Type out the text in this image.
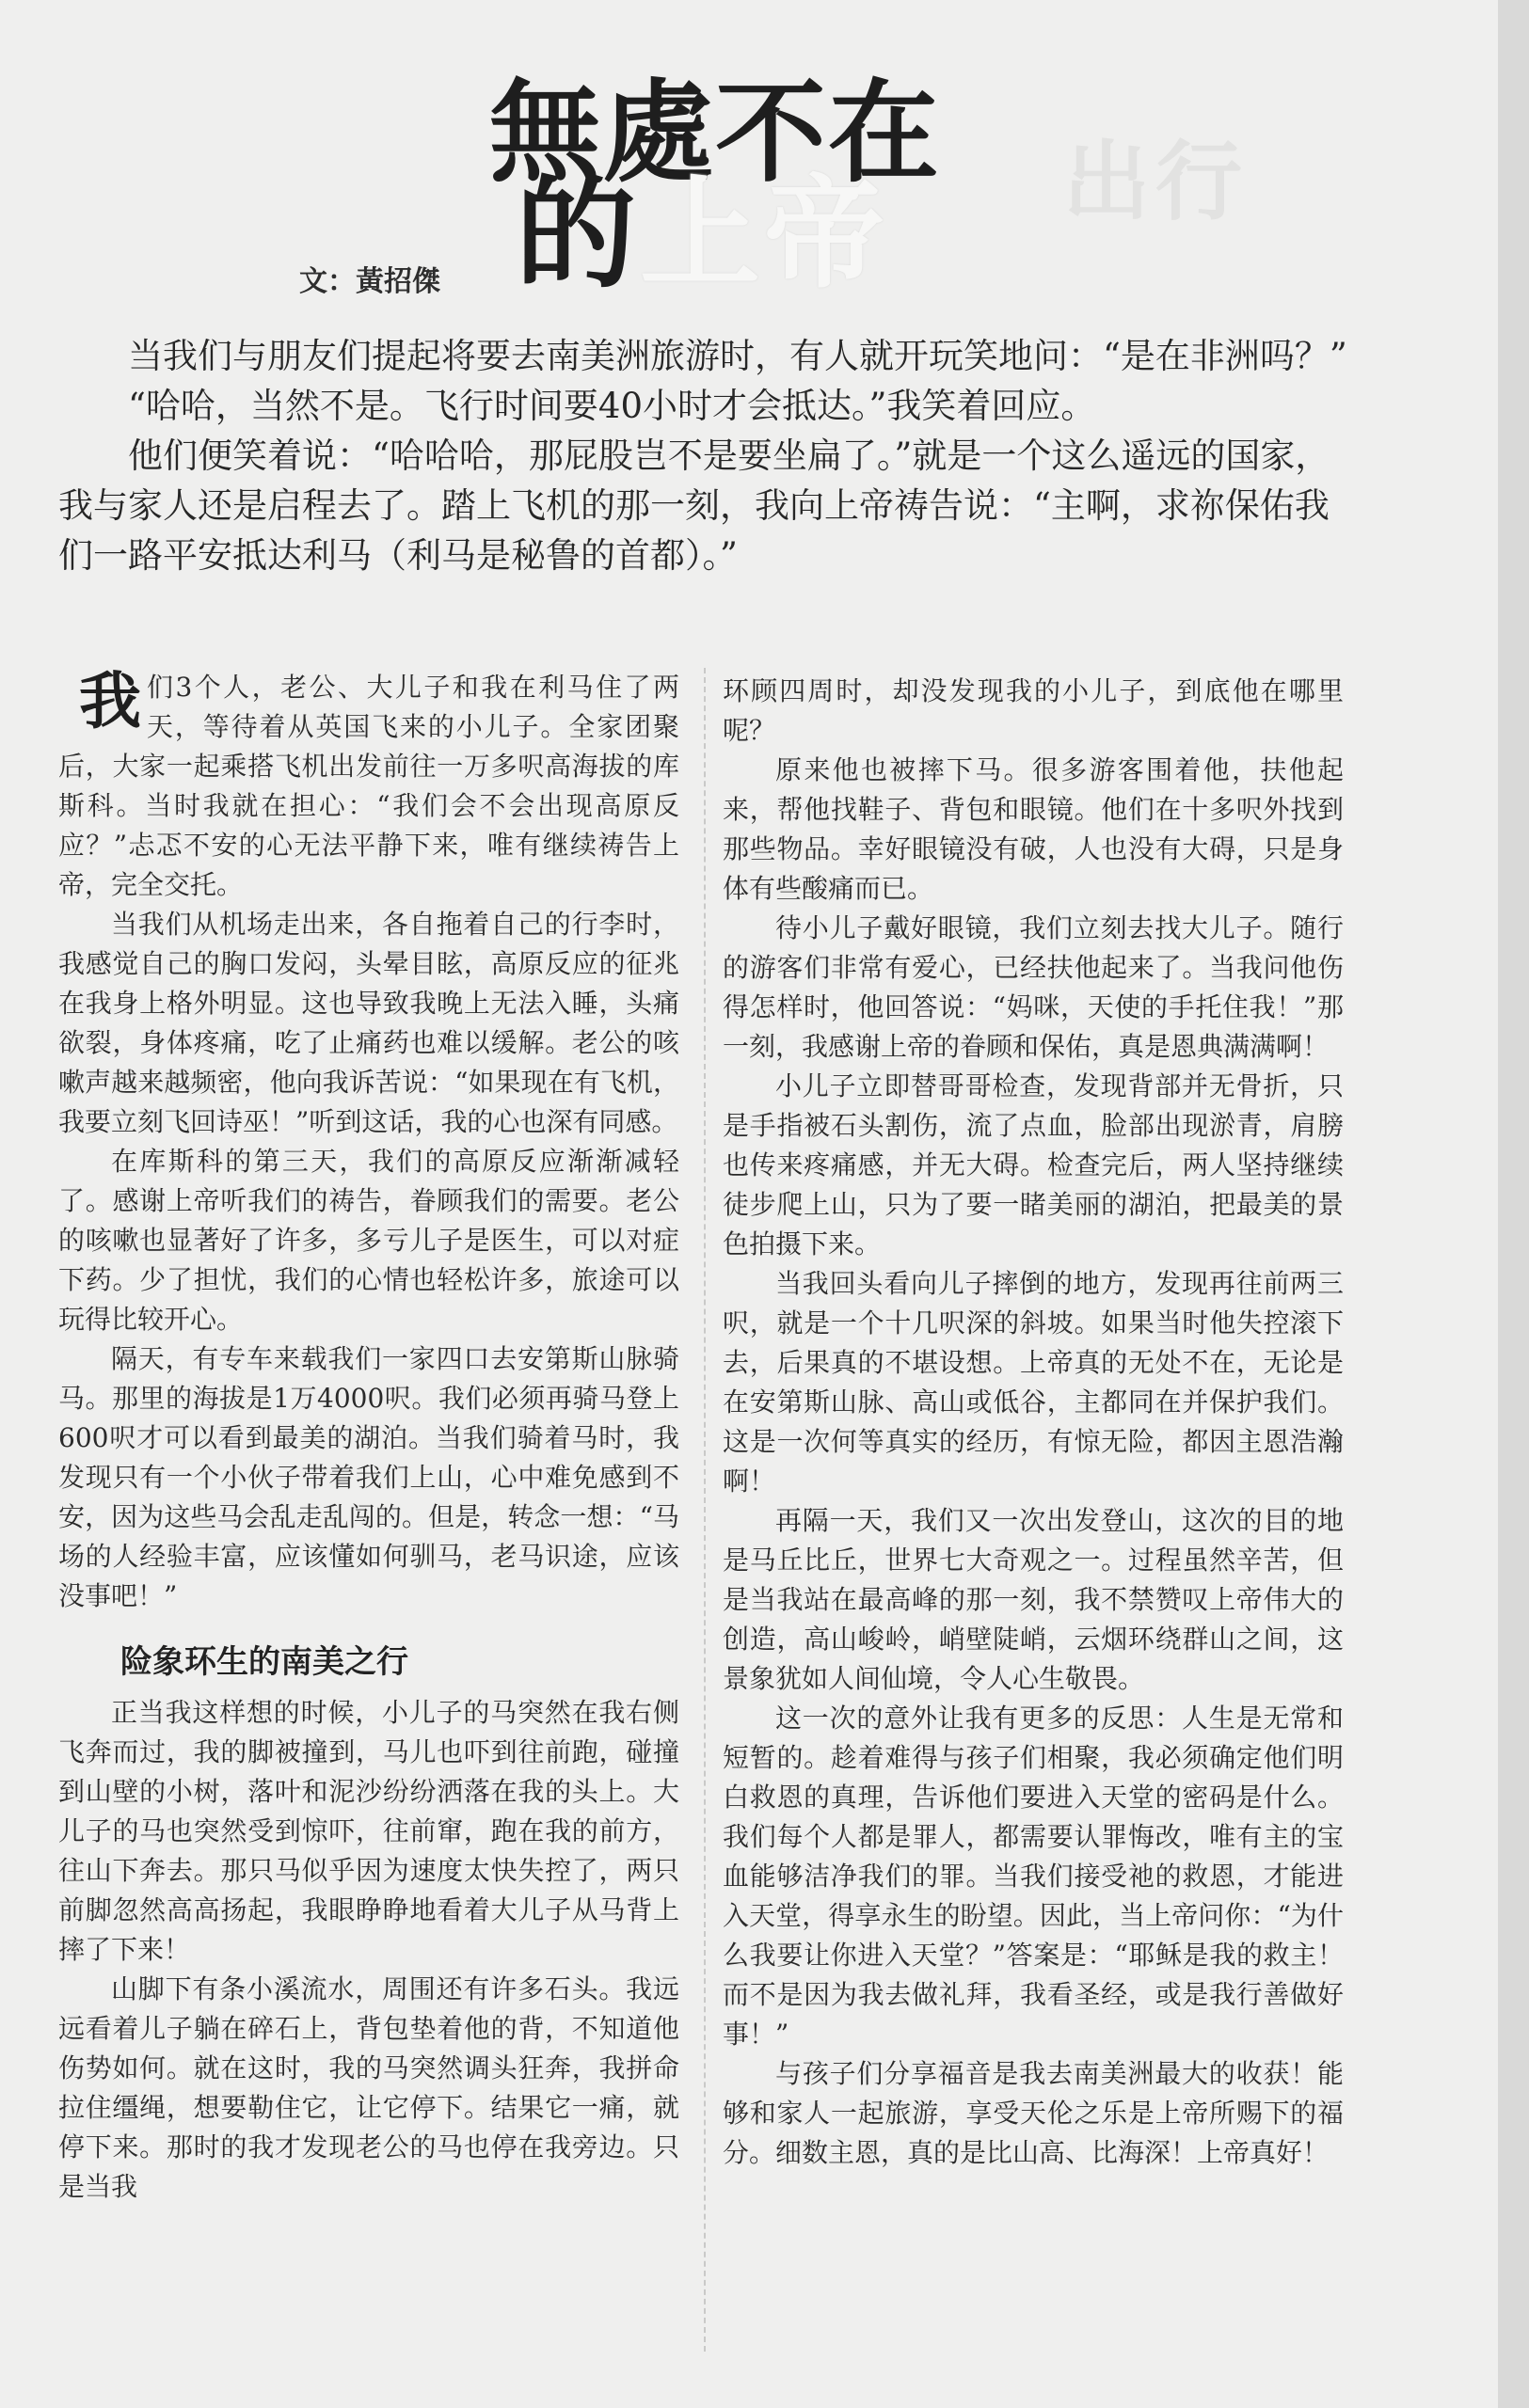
出行
無處不在
的上帝
文：黃招傑

当我们与朋友们提起将要去南美洲旅游时，有人就开玩笑地问：“是在非洲吗？”

“哈哈，当然不是。飞行时间要40小时才会抵达。”我笑着回应。

他们便笑着说：“哈哈哈，那屁股岂不是要坐扁了。”就是一个这么遥远的国家，我与家人还是启程去了。踏上飞机的那一刻，我向上帝祷告说：“主啊，求祢保佑我们一路平安抵达利马（利马是秘鲁的首都）。”

我们3个人，老公、大儿子和我在利马住了两天，等待着从英国飞来的小儿子。全家团聚后，大家一起乘搭飞机出发前往一万多呎高海拔的库斯科。当时我就在担心：“我们会不会出现高原反应？”忐忑不安的心无法平静下来，唯有继续祷告上帝，完全交托。

当我们从机场走出来，各自拖着自己的行李时，我感觉自己的胸口发闷，头晕目眩，高原反应的征兆在我身上格外明显。这也导致我晚上无法入睡，头痛欲裂，身体疼痛，吃了止痛药也难以缓解。老公的咳嗽声越来越频密，他向我诉苦说：“如果现在有飞机，我要立刻飞回诗巫！”听到这话，我的心也深有同感。

在库斯科的第三天，我们的高原反应渐渐减轻了。感谢上帝听我们的祷告，眷顾我们的需要。老公的咳嗽也显著好了许多，多亏儿子是医生，可以对症下药。少了担忧，我们的心情也轻松许多，旅途可以玩得比较开心。

隔天，有专车来载我们一家四口去安第斯山脉骑马。那里的海拔是1万4000呎。我们必须再骑马登上600呎才可以看到最美的湖泊。当我们骑着马时，我发现只有一个小伙子带着我们上山，心中难免感到不安，因为这些马会乱走乱闯的。但是，转念一想：“马场的人经验丰富，应该懂如何驯马，老马识途，应该没事吧！”

险象环生的南美之行

正当我这样想的时候，小儿子的马突然在我右侧飞奔而过，我的脚被撞到，马儿也吓到往前跑，碰撞到山壁的小树，落叶和泥沙纷纷洒落在我的头上。大儿子的马也突然受到惊吓，往前窜，跑在我的前方，往山下奔去。那只马似乎因为速度太快失控了，两只前脚忽然高高扬起，我眼睁睁地看着大儿子从马背上摔了下来！

山脚下有条小溪流水，周围还有许多石头。我远远看着儿子躺在碎石上，背包垫着他的背，不知道他伤势如何。就在这时，我的马突然调头狂奔，我拼命拉住缰绳，想要勒住它，让它停下。结果它一痛，就停下来。那时的我才发现老公的马也停在我旁边。只是当我

环顾四周时，却没发现我的小儿子，到底他在哪里呢？

原来他也被摔下马。很多游客围着他，扶他起来，帮他找鞋子、背包和眼镜。他们在十多呎外找到那些物品。幸好眼镜没有破，人也没有大碍，只是身体有些酸痛而已。

待小儿子戴好眼镜，我们立刻去找大儿子。随行的游客们非常有爱心，已经扶他起来了。当我问他伤得怎样时，他回答说：“妈咪，天使的手托住我！”那一刻，我感谢上帝的眷顾和保佑，真是恩典满满啊！

小儿子立即替哥哥检查，发现背部并无骨折，只是手指被石头割伤，流了点血，脸部出现淤青，肩膀也传来疼痛感，并无大碍。检查完后，两人坚持继续徒步爬上山，只为了要一睹美丽的湖泊，把最美的景色拍摄下来。

当我回头看向儿子摔倒的地方，发现再往前两三呎，就是一个十几呎深的斜坡。如果当时他失控滚下去，后果真的不堪设想。上帝真的无处不在，无论是在安第斯山脉、高山或低谷，主都同在并保护我们。这是一次何等真实的经历，有惊无险，都因主恩浩瀚啊！

再隔一天，我们又一次出发登山，这次的目的地是马丘比丘，世界七大奇观之一。过程虽然辛苦，但是当我站在最高峰的那一刻，我不禁赞叹上帝伟大的创造，高山峻岭，峭壁陡峭，云烟环绕群山之间，这景象犹如人间仙境，令人心生敬畏。

这一次的意外让我有更多的反思：人生是无常和短暂的。趁着难得与孩子们相聚，我必须确定他们明白救恩的真理，告诉他们要进入天堂的密码是什么。我们每个人都是罪人，都需要认罪悔改，唯有主的宝血能够洁净我们的罪。当我们接受祂的救恩，才能进入天堂，得享永生的盼望。因此，当上帝问你：“为什么我要让你进入天堂？”答案是：“耶稣是我的救主！而不是因为我去做礼拜，我看圣经，或是我行善做好事！”

与孩子们分享福音是我去南美洲最大的收获！能够和家人一起旅游，享受天伦之乐是上帝所赐下的福分。细数主恩，真的是比山高、比海深！上帝真好！
